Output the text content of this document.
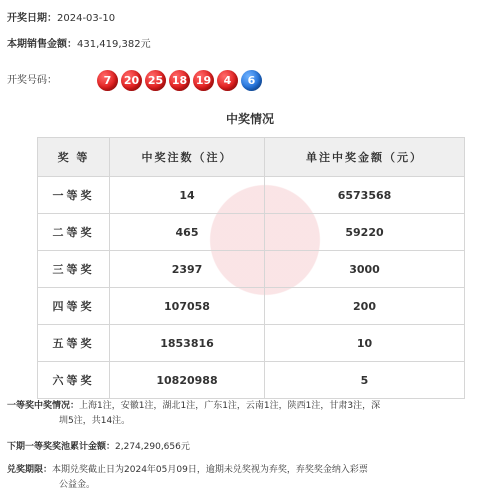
开奖日期：2024-03-10
本期销售金额：431,419,382元
开奖号码：	7	20 25 18 19	4	6
中奖情况
奖 等	中奖注数（注）	单注中奖金额（元）
一等奖	14	6573568
二等奖	465	59220
三等奖	2397	3000
四等奖	107058	200
五等奖	1853816	10
六等奖	10820988	5
一等奖中奖情况：上海1注，安徽1注，湖北1注，广东1注，云南1注，陕西1注，甘肃3注，深
圳5注，共14注。
下期一等奖奖池累计金额：2,274,290,656元
兑奖期限：本期兑奖截止日为2024年05月09日，逾期未兑奖视为弃奖，弃奖奖金纳入彩票
公益金。
